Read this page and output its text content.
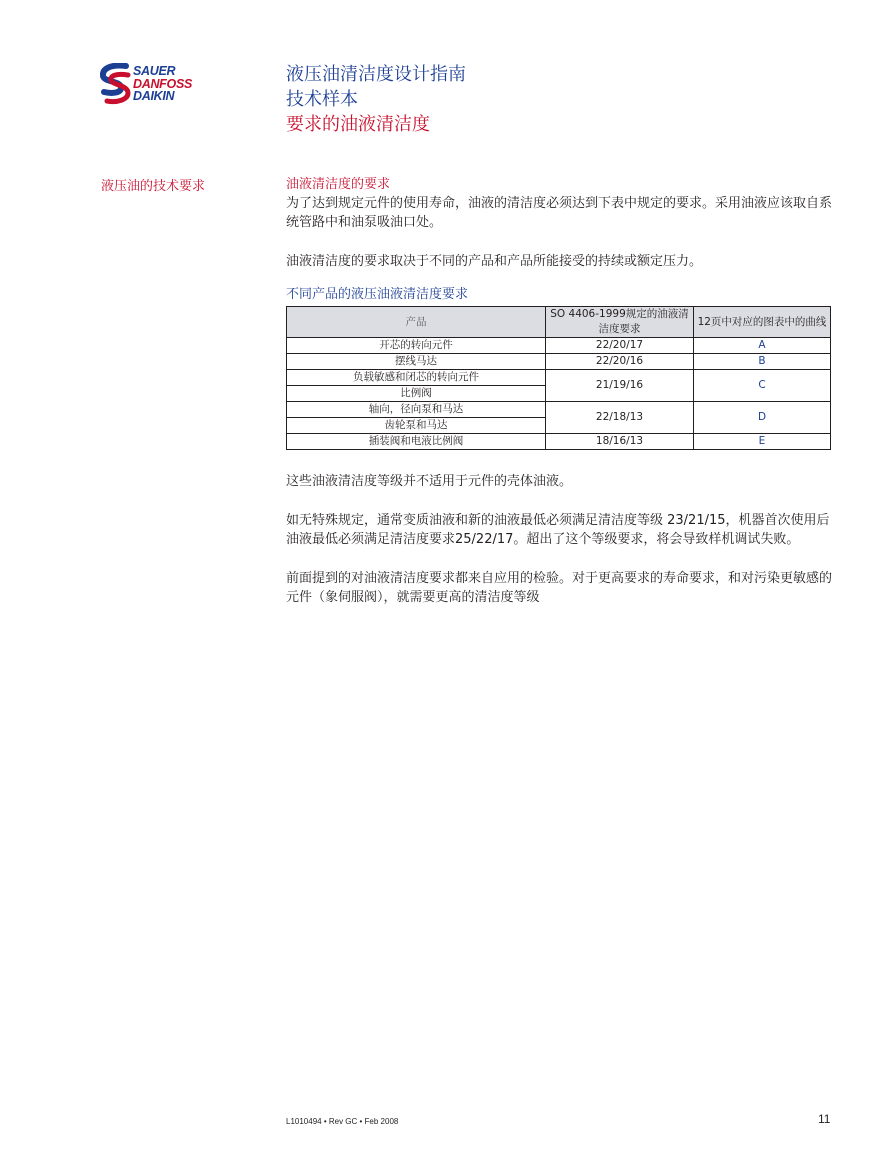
SAUER
DANFOSS
DAIKIN
液压油清洁度设计指南
技术样本
要求的油液清洁度
液压油的技术要求	油液清洁度的要求

为了达到规定元件的使用寿命，油液的清洁度必须达到下表中规定的要求。采用油液应该取自系统管路中和油泵吸油口处。

油液清洁度的要求取决于不同的产品和产品所能接受的持续或额定压力。

不同产品的液压油液清洁度要求
产品	SO 4406-1999规定的油液清洁度要求	12页中对应的图表中的曲线
开芯的转向元件	22/20/17	A
摆线马达	22/20/16	B
负载敏感和闭芯的转向元件	21/19/16	C
比例阀		
轴向，径向泵和马达	22/18/13	D
齿轮泵和马达		
插装阀和电液比例阀	18/16/13	E

这些油液清洁度等级并不适用于元件的壳体油液。

如无特殊规定，通常变质油液和新的油液最低必须满足清洁度等级 23/21/15，机器首次使用后油液最低必须满足清洁度要求25/22/17。超出了这个等级要求，将会导致样机调试失败。

前面提到的对油液清洁度要求都来自应用的检验。对于更高要求的寿命要求，和对污染更敏感的元件（象伺服阀），就需要更高的清洁度等级

L1010494 • Rev GC • Feb 2008	11
